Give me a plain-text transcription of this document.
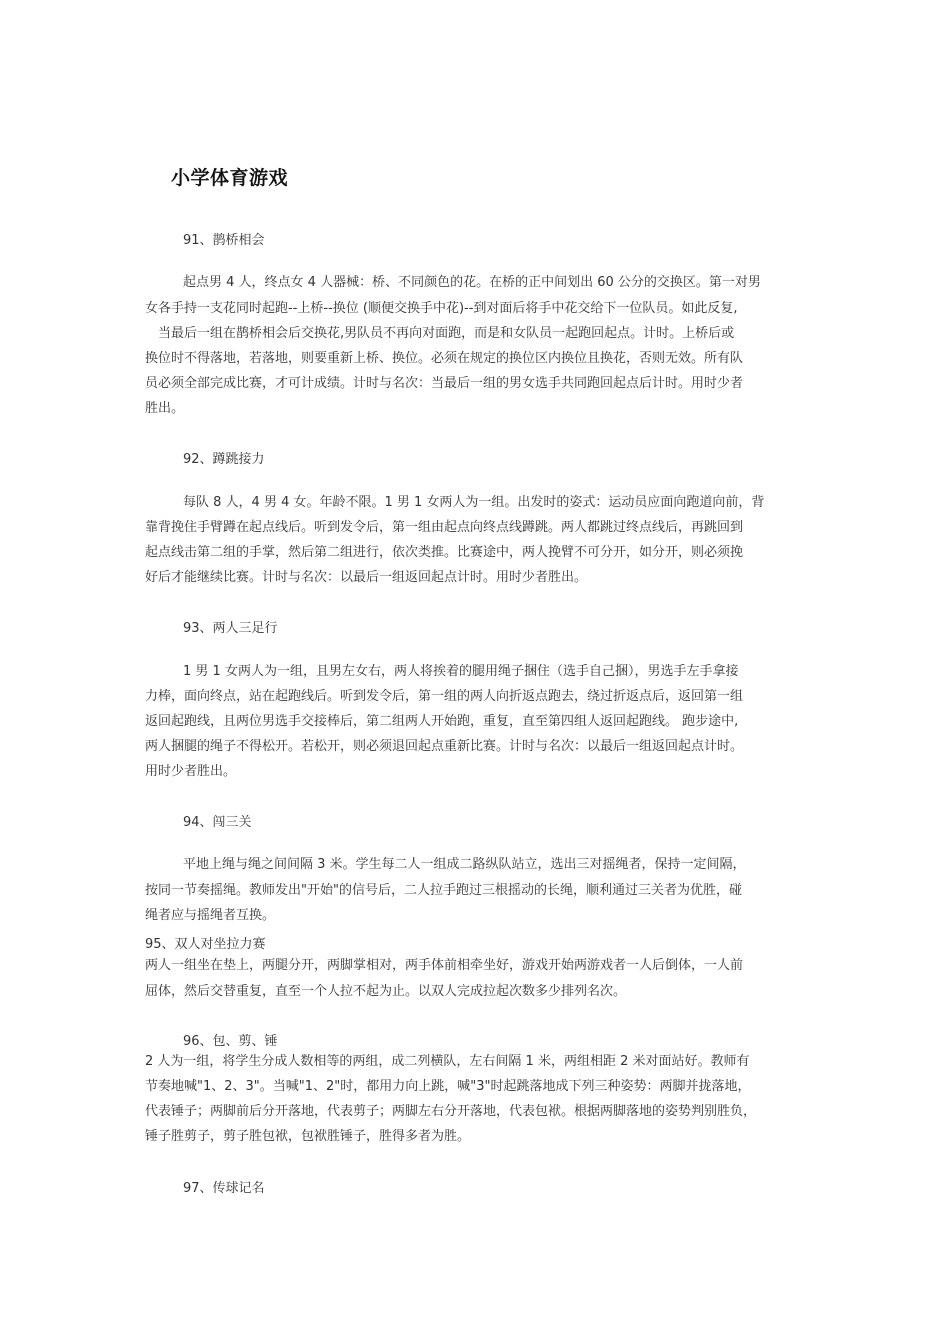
小学体育游戏
91、鹊桥相会
起点男 4 人，终点女 4 人器械：桥、不同颜色的花。在桥的正中间划出 60 公分的交换区。第一对男
女各手持一支花同时起跑--上桥--换位 (顺便交换手中花)--到对面后将手中花交给下一位队员。如此反复,
当最后一组在鹊桥相会后交换花,男队员不再向对面跑，而是和女队员一起跑回起点。计时。上桥后或
换位时不得落地，若落地，则要重新上桥、换位。必须在规定的换位区内换位且换花，否则无效。所有队
员必须全部完成比赛，才可计成绩。计时与名次：当最后一组的男女选手共同跑回起点后计时。用时少者
胜出。
92、蹲跳接力
每队 8 人，4 男 4 女。年龄不限。1 男 1 女两人为一组。出发时的姿式：运动员应面向跑道向前，背
靠背挽住手臂蹲在起点线后。听到发令后，第一组由起点向终点线蹲跳。两人都跳过终点线后，再跳回到
起点线击第二组的手掌，然后第二组进行，依次类推。比赛途中，两人挽臂不可分开，如分开，则必须挽
好后才能继续比赛。计时与名次：以最后一组返回起点计时。用时少者胜出。
93、两人三足行
1 男 1 女两人为一组，且男左女右，两人将挨着的腿用绳子捆住（选手自己捆），男选手左手拿接
力棒，面向终点，站在起跑线后。听到发令后，第一组的两人向折返点跑去，绕过折返点后，返回第一组
返回起跑线，且两位男选手交接棒后，第二组两人开始跑，重复，直至第四组人返回起跑线。 跑步途中,
两人捆腿的绳子不得松开。若松开，则必须退回起点重新比赛。计时与名次：以最后一组返回起点计时。
用时少者胜出。
94、闯三关
平地上绳与绳之间间隔 3 米。学生每二人一组成二路纵队站立，选出三对摇绳者，保持一定间隔，
按同一节奏摇绳。教师发出"开始"的信号后，二人拉手跑过三根摇动的长绳，顺利通过三关者为优胜，碰
绳者应与摇绳者互换。
95、双人对坐拉力赛
两人一组坐在垫上，两腿分开，两脚掌相对，两手体前相牵坐好，游戏开始两游戏者一人后倒体，一人前
屈体，然后交替重复，直至一个人拉不起为止。以双人完成拉起次数多少排列名次。
96、包、剪、锤
2 人为一组，将学生分成人数相等的两组，成二列横队，左右间隔 1 米，两组相距 2 米对面站好。教师有
节奏地喊"1、2、3"。当喊"1、2"时，都用力向上跳，喊"3"时起跳落地成下列三种姿势：两脚并拢落地，
代表锤子；两脚前后分开落地，代表剪子；两脚左右分开落地，代表包袱。根据两脚落地的姿势判别胜负，
锤子胜剪子，剪子胜包袱，包袱胜锤子，胜得多者为胜。
97、传球记名
